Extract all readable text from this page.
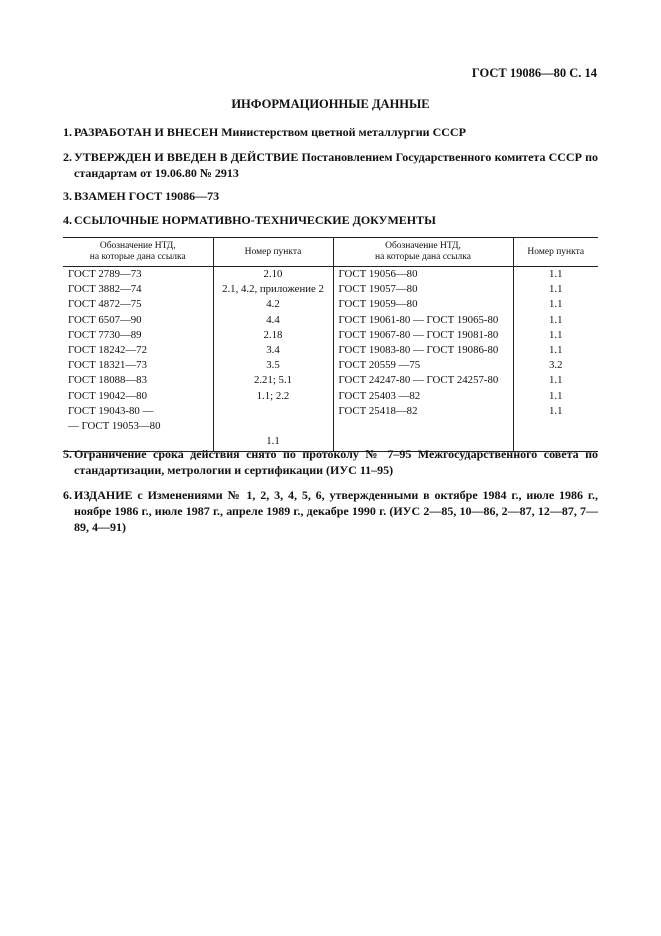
ГОСТ 19086—80 С. 14
ИНФОРМАЦИОННЫЕ ДАННЫЕ
1. РАЗРАБОТАН И ВНЕСЕН Министерством цветной металлургии СССР
2. УТВЕРЖДЕН И ВВЕДЕН В ДЕЙСТВИЕ Постановлением Государственного комитета СССР по стандартам от 19.06.80 № 2913
3. ВЗАМЕН ГОСТ 19086—73
4. ССЫЛОЧНЫЕ НОРМАТИВНО-ТЕХНИЧЕСКИЕ ДОКУМЕНТЫ
Обозначение НТД,
на которые дана ссылка	Номер пункта	Обозначение НТД,
на которые дана ссылка	Номер пункта
ГОСТ 2789—73	2.10	ГОСТ 19056—80	1.1
ГОСТ 3882—74	2.1, 4.2, приложение 2	ГОСТ 19057—80	1.1
ГОСТ 4872—75	4.2	ГОСТ 19059—80	1.1
ГОСТ 6507—90	4.4	ГОСТ 19061-80 — ГОСТ 19065-80	1.1
ГОСТ 7730—89	2.18	ГОСТ 19067-80 — ГОСТ 19081-80	1.1
ГОСТ 18242—72	3.4	ГОСТ 19083-80 — ГОСТ 19086-80	1.1
ГОСТ 18321—73	3.5	ГОСТ 20559 —75	3.2
ГОСТ 18088—83	2.21; 5.1	ГОСТ 24247-80 — ГОСТ 24257-80	1.1
ГОСТ 19042—80	1.1; 2.2	ГОСТ 25403 —82	1.1

ГОСТ 19043-80 —
— ГОСТ 19053—80	1.1	ГОСТ 25418—82	1.1
5. Ограничение срока действия снято по протоколу № 7–95 Межгосударственного совета по стандартизации, метрологии и сертификации (ИУС 11–95)
6. ИЗДАНИЕ с Изменениями № 1, 2, 3, 4, 5, 6, утвержденными в октябре 1984 г., июле 1986 г., ноябре 1986 г., июле 1987 г., апреле 1989 г., декабре 1990 г. (ИУС 2—85, 10—86, 2—87, 12—87, 7—89, 4—91)
